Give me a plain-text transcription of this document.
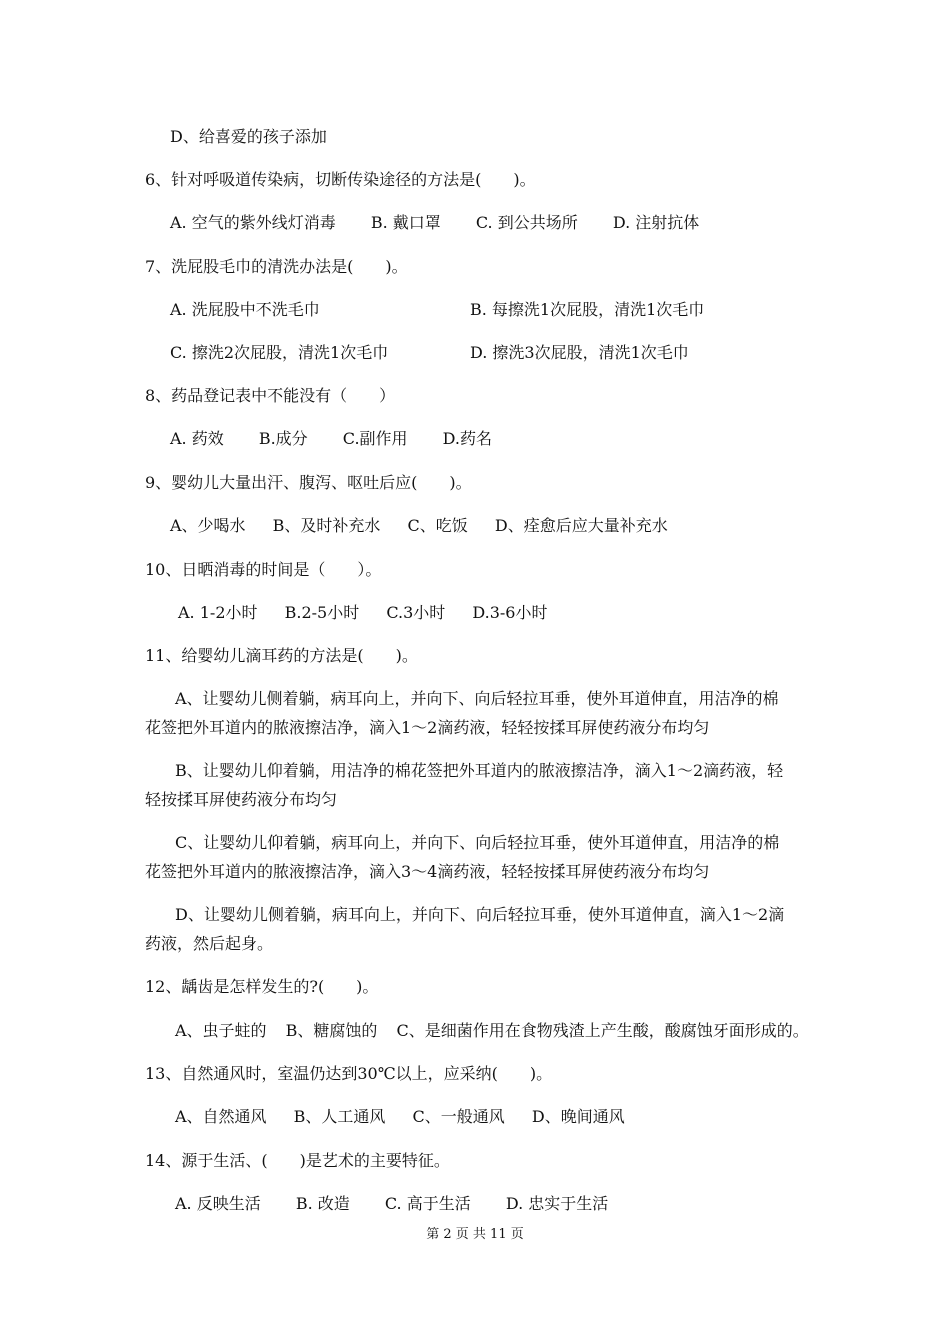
D、给喜爱的孩子添加
6、针对呼吸道传染病，切断传染途径的方法是(　　)。
A. 空气的紫外线灯消毒 B. 戴口罩 C. 到公共场所 D. 注射抗体
7、洗屁股毛巾的清洗办法是(　　)。
A. 洗屁股中不洗毛巾	B. 每擦洗1次屁股，清洗1次毛巾
C. 擦洗2次屁股，清洗1次毛巾	D. 擦洗3次屁股，清洗1次毛巾
8、药品登记表中不能没有（　　）
A. 药效 B.成分 C.副作用 D.药名
9、婴幼儿大量出汗、腹泻、呕吐后应(　　)。
A、少喝水 B、及时补充水 C、吃饭 D、痊愈后应大量补充水
10、日晒消毒的时间是（　　）。
A. 1-2小时 B.2-5小时 C.3小时 D.3-6小时
11、给婴幼儿滴耳药的方法是(　　)。
A、让婴幼儿侧着躺，病耳向上，并向下、向后轻拉耳垂，使外耳道伸直，用洁净的棉
花签把外耳道内的脓液擦洁净，滴入1～2滴药液，轻轻按揉耳屏使药液分布均匀
B、让婴幼儿仰着躺，用洁净的棉花签把外耳道内的脓液擦洁净，滴入1～2滴药液，轻
轻按揉耳屏使药液分布均匀
C、让婴幼儿仰着躺，病耳向上，并向下、向后轻拉耳垂，使外耳道伸直，用洁净的棉
花签把外耳道内的脓液擦洁净，滴入3～4滴药液，轻轻按揉耳屏使药液分布均匀
D、让婴幼儿侧着躺，病耳向上，并向下、向后轻拉耳垂，使外耳道伸直，滴入1～2滴
药液，然后起身。
12、龋齿是怎样发生的?(　　)。
A、虫子蛀的 B、糖腐蚀的 C、是细菌作用在食物残渣上产生酸，酸腐蚀牙面形成的。
13、自然通风时，室温仍达到30℃以上，应采纳(　　)。
A、自然通风 B、人工通风 C、一般通风 D、晚间通风
14、源于生活、(　　)是艺术的主要特征。
A. 反映生活 B. 改造 C. 高于生活 D. 忠实于生活
第 2 页 共 11 页
